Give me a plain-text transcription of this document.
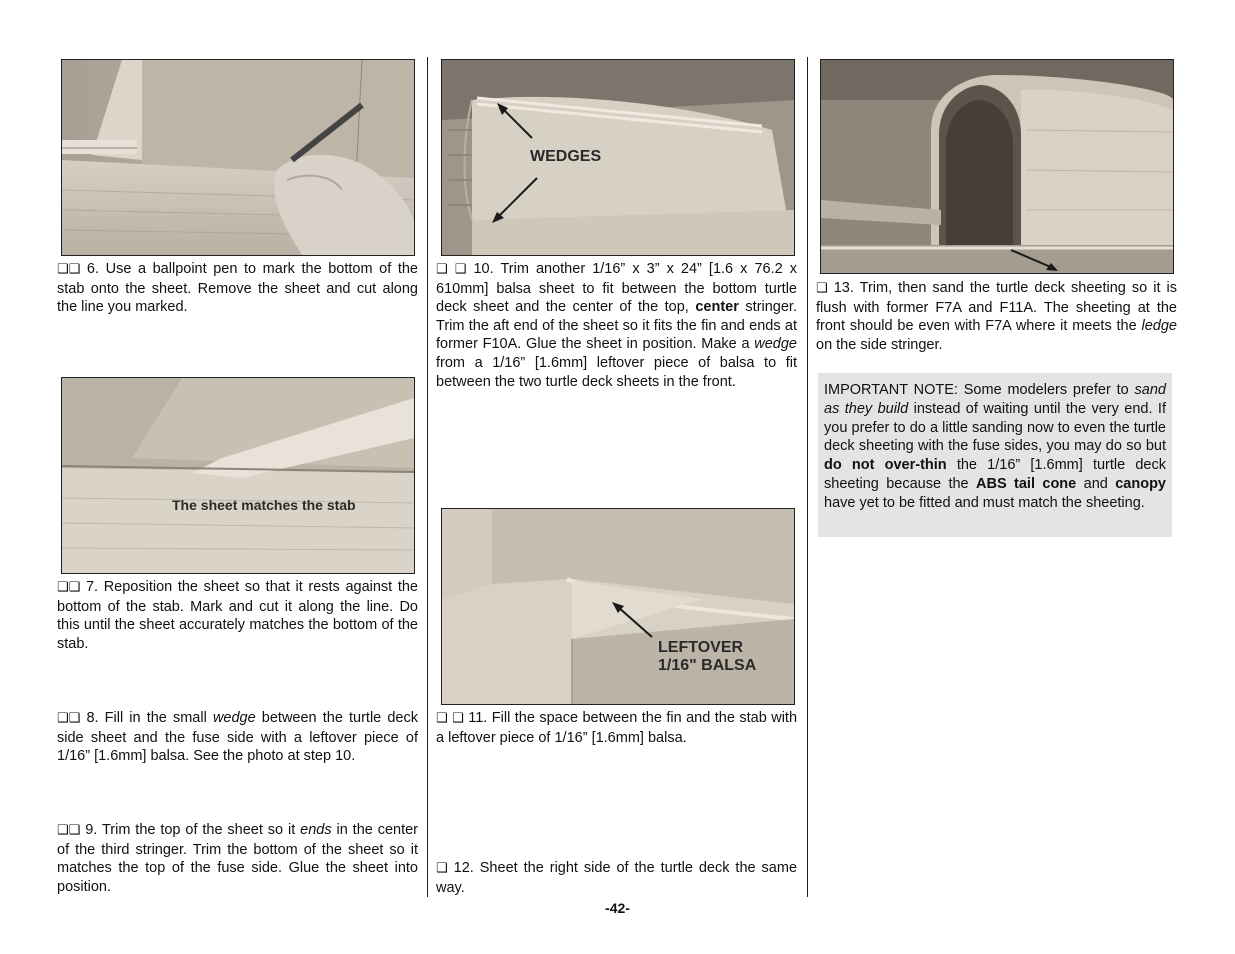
❑❑ 6. Use a ballpoint pen to mark the bottom of the stab onto the sheet. Remove the sheet and cut along the line you marked.

The sheet matches the stab

❑❑ 7. Reposition the sheet so that it rests against the bottom of the stab. Mark and cut it along the line. Do this until the sheet accurately matches the bottom of the stab.

❑❑ 8. Fill in the small wedge between the turtle deck side sheet and the fuse side with a leftover piece of 1/16” [1.6mm] balsa. See the photo at step 10.

❑❑ 9. Trim the top of the sheet so it ends in the center of the third stringer. Trim the bottom of the sheet so it matches the top of the fuse side. Glue the sheet into position.

WEDGES

❑ ❑ 10. Trim another 1/16” x 3” x 24” [1.6 x 76.2 x 610mm] balsa sheet to fit between the bottom turtle deck sheet and the center of the top, center stringer. Trim the aft end of the sheet so it fits the fin and ends at former F10A. Glue the sheet in position. Make a wedge from a 1/16” [1.6mm] leftover piece of balsa to fit between the two turtle deck sheets in the front.

LEFTOVER
1/16" BALSA

❑ ❑ 11. Fill the space between the fin and the stab with a leftover piece of 1/16” [1.6mm] balsa.

❑ 12. Sheet the right side of the turtle deck the same way.

❑ 13. Trim, then sand the turtle deck sheeting so it is flush with former F7A and F11A. The sheeting at the front should be even with F7A where it meets the ledge on the side stringer.

IMPORTANT NOTE: Some modelers prefer to sand as they build instead of waiting until the very end. If you prefer to do a little sanding now to even the turtle deck sheeting with the fuse sides, you may do so but do not over-thin the 1/16” [1.6mm] turtle deck sheeting because the ABS tail cone and canopy have yet to be fitted and must match the sheeting.
-42-
